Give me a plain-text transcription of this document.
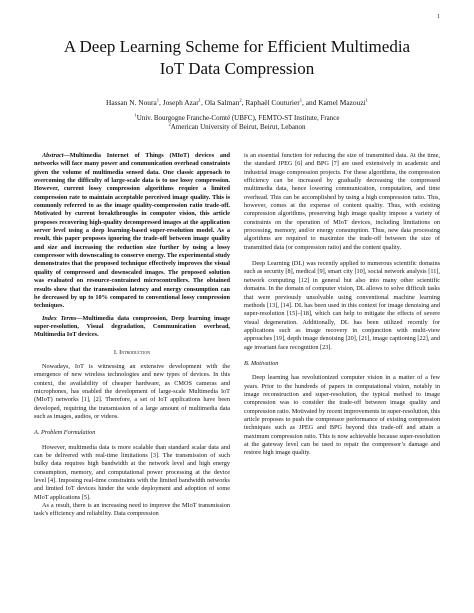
1
A Deep Learning Scheme for Efficient Multimedia
IoT Data Compression
Hassan N. Noura$^1$, Joseph Azar$^1$, Ola Salman$^2$, Raphaël Couturier$^1$, and Kamel Mazouzi$^1$
$^1$Univ. Bourgogne Franche-Comté (UBFC), FEMTO-ST Institute, France
$^2$American University of Beirut, Beirut, Lebanon

Abstract—Multimedia Internet of Things (MIoT) devices and networks will face many power and communication overhead constraints given the volume of multimedia sensed data. One classic approach to overcoming the difficulty of large-scale data is to use lossy compression. However, current lossy compression algorithms require a limited compression rate to maintain acceptable perceived image quality. This is commonly referred to as the image quality-compression ratio trade-off. Motivated by current breakthroughs in computer vision, this article proposes recovering high-quality decompressed images at the application server level using a deep learning-based super-resolution model. As a result, this paper proposes ignoring the trade-off between image quality and size and increasing the reduction size further by using a lossy compressor with downscaling to conserve energy. The experimental study demonstrates that the proposed technique effectively improves the visual quality of compressed and downscaled images. The proposed solution was evaluated on resource-contrained microcontrollers. The obtained results show that the transmission latency and energy consumption can be decreased by up to 10% compared to conventional lossy compression techniques.

Index Terms—Multimedia data compression, Deep learning image super-resolution, Visual degradation, Communication overhead, Multimedia IoT devices.

I. Introduction

Nowadays, IoT is witnessing an extensive development with the emergence of new wireless technologies and new types of devices. In this context, the availability of cheaper hardware, as CMOS cameras and microphones, has enabled the development of large-scale Multimedia IoT (MIoT) networks [1], [2]. Therefore, a set of IoT applications have been developed, requiring the transmission of a large amount of multimedia data such as images, audios, or videos.

A. Problem Formulation

However, multimedia data is more scalable than standard scalar data and can be delivered with real-time limitations [3]. The transmission of such bulky data requires high bandwidth at the network level and high energy consumption, memory, and computational power processing at the device level [4]. Imposing real-time constraints with the limited bandwidth networks and limited IoT devices hinder the wide deployment and adoption of some MIoT applications [5].

As a result, there is an increasing need to improve the MIoT transmission task’s efficiency and reliability. Data compression

is an essential function for reducing the size of transmitted data. At the time, the standard JPEG [6] and BPG [7] are used extensively in academic and industrial image compression projects. For these algorithms, the compression efficiency can be increased by gradually decreasing the compressed multimedia data, hence lowering communication, computation, and time overhead. This can be accomplished by using a high compression ratio. This, however, comes at the expense of content quality. Thus, with existing compression algorithms, preserving high image quality impose a variety of constraints on the operation of MIoT devices, including limitations on processing, memory, and/or energy consumption. Thus, new data processing algorithms are required to maximize the trade-off between the size of transmitted data (or compression ratio) and the content quality.

Deep Learning (DL) was recently applied to numerous scientific domains such as security [8], medical [9], smart city [10], social network analysis [11], network computing [12] in general but also into many other scientific domains. In the domain of computer vision, DL allows to solve difficult tasks that were previously unsolvable using conventional machine learning methods [13], [14]. DL has been used in this context for image denoising and super-resolution [15]–[18], which can help to mitigate the effects of severe visual degeneration. Additionally, DL has been utilized recently for applications such as image recovery in conjunction with multi-view approaches [19], depth image denoising [20], [21], image captioning [22], and age invariant face recognition [23].

B. Motivation

Deep learning has revolutionized computer vision in a matter of a few years. Prior to the hundreds of papers in computational vision, notably in image reconstruction and super-resolution, the typical method to image compression was to consider the trade-off between image quality and compression ratio. Motivated by recent improvements in super-resolution, this article proposes to push the compressor performance of existing compression techniques such as JPEG and BPG beyond this trade-off and attain a maximum compression ratio. This is now achievable because super-resolution at the gateway level can be used to repair the compressor’s damage and restore high image quality.
